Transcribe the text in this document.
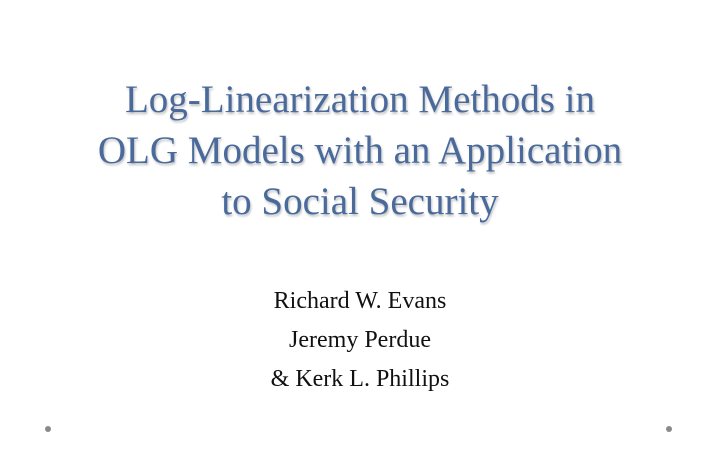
Log-Linearization Methods in
OLG Models with an Application
to Social Security
Richard W. Evans
Jeremy Perdue
& Kerk L. Phillips
